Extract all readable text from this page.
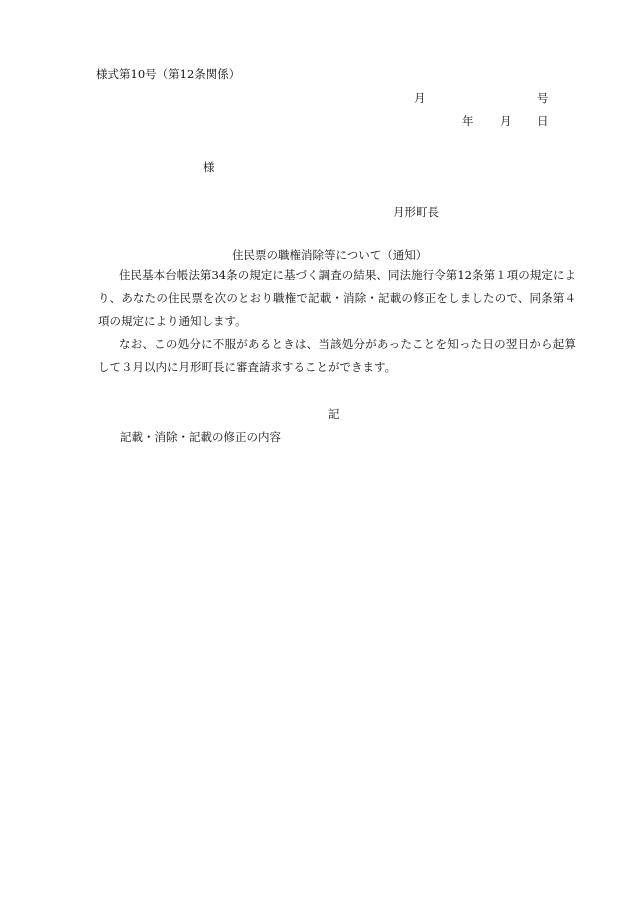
様式第10号（第12条関係）
月	号
年 月 日
様
月形町長
住民票の職権消除等について（通知）
住民基本台帳法第34条の規定に基づく調査の結果、同法施行令第12条第１項の規定により、あなたの住民票を次のとおり職権で記載・消除・記載の修正をしましたので、同条第４項の規定により通知します。
なお、この処分に不服があるときは、当該処分があったことを知った日の翌日から起算して３月以内に月形町長に審査請求することができます。
記
記載・消除・記載の修正の内容
